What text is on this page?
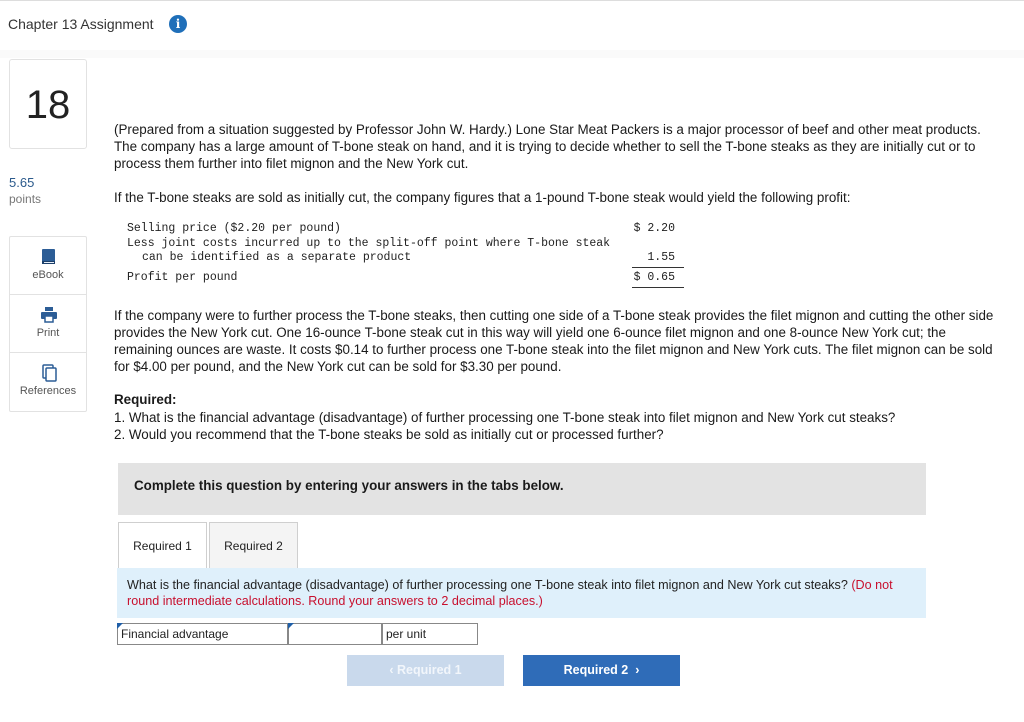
Chapter 13 Assignment	i
18
5.65
points
eBook
Print
References

(Prepared from a situation suggested by Professor John W. Hardy.) Lone Star Meat Packers is a major processor of beef and other meat products. The company has a large amount of T-bone steak on hand, and it is trying to decide whether to sell the T-bone steaks as they are initially cut or to process them further into filet mignon and the New York cut.

If the T-bone steaks are sold as initially cut, the company figures that a 1-pound T-bone steak would yield the following profit:

Selling price ($2.20 per pound)	$ 2.20
Less joint costs incurred up to the split-off point where T-bone steak
can be identified as a separate product	1.55
Profit per pound	$ 0.65

If the company were to further process the T-bone steaks, then cutting one side of a T-bone steak provides the filet mignon and cutting the other side provides the New York cut. One 16-ounce T-bone steak cut in this way will yield one 6-ounce filet mignon and one 8-ounce New York cut; the remaining ounces are waste. It costs $0.14 to further process one T-bone steak into the filet mignon and New York cuts. The filet mignon can be sold for $4.00 per pound, and the New York cut can be sold for $3.30 per pound.

Required:
1. What is the financial advantage (disadvantage) of further processing one T-bone steak into filet mignon and New York cut steaks?
2. Would you recommend that the T-bone steaks be sold as initially cut or processed further?
Complete this question by entering your answers in the tabs below.
Required 1	Required 2
What is the financial advantage (disadvantage) of further processing one T-bone steak into filet mignon and New York cut steaks? (Do not round intermediate calculations. Round your answers to 2 decimal places.)
Financial advantage	per unit
‹ Required 1	Required 2  ›
